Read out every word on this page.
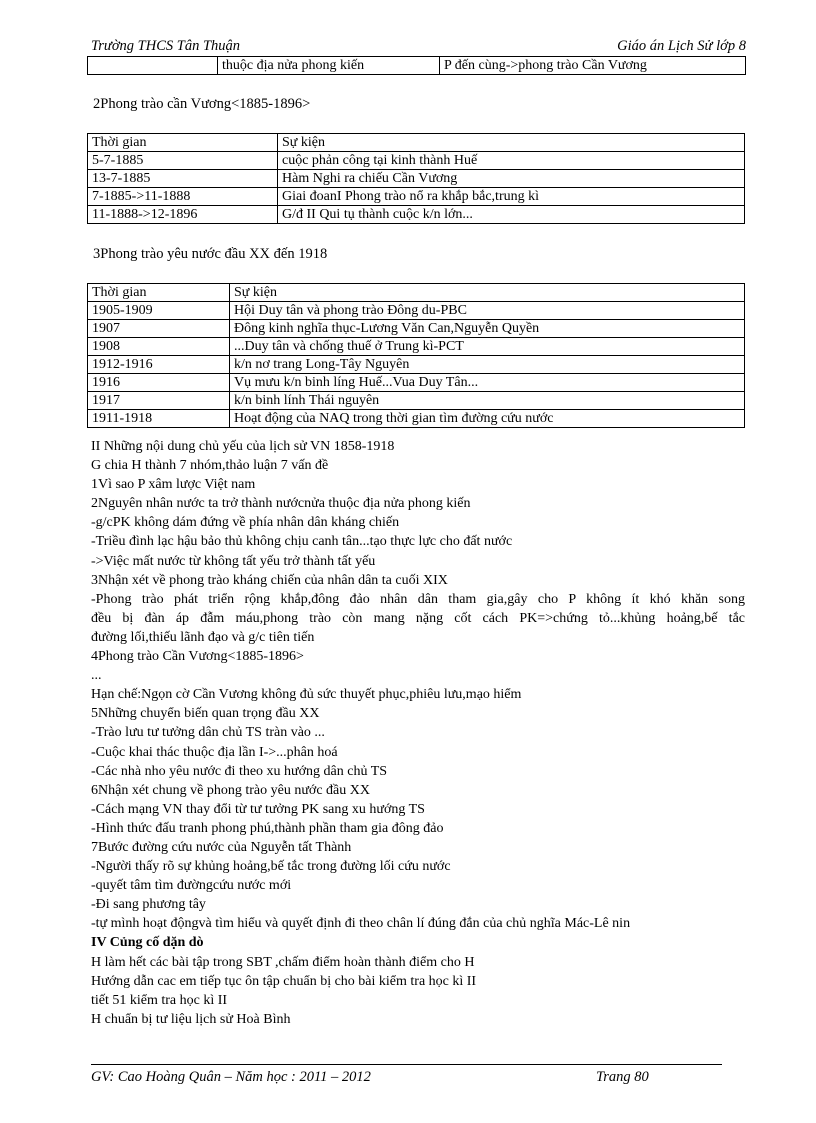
Trường THCS Tân Thuận	Giáo án Lịch Sử lớp 8
	thuộc địa nửa phong kiến	P đến cùng->phong trào Cần Vương
2Phong trào cần Vương<1885-1896>
Thời gian	Sự kiện
5-7-1885	cuộc phản công tại kinh thành Huế
13-7-1885	Hàm Nghi ra chiếu Cần Vương
7-1885->11-1888	Giai đoanI Phong trào nổ ra khắp bắc,trung kì
11-1888->12-1896	G/đ II Qui tụ thành cuộc k/n lớn...
3Phong trào yêu nước đầu XX đến 1918
Thời gian	Sự kiện
1905-1909	Hội Duy tân và phong trào Đông du-PBC
1907	Đông kinh nghĩa thục-Lương Văn Can,Nguyễn Quyền
1908	...Duy tân và chống thuế ở Trung kì-PCT
1912-1916	k/n nơ trang Long-Tây Nguyên
1916	Vụ mưu k/n binh líng Huế...Vua Duy Tân...
1917	k/n binh lính Thái nguyên
1911-1918	Hoạt động của NAQ trong thời gian tìm đường cứu nước
II Những nội dung chủ yếu của lịch sử VN 1858-1918
G chia H thành 7 nhóm,thảo luận 7 vấn đề
1Vì sao P xâm lược Việt nam
2Nguyên nhân nước ta trở thành nướcnửa thuộc địa nửa phong kiến
-g/cPK không dám đứng về phía nhân dân kháng chiến
-Triều đình lạc hậu bảo thủ không chịu canh tân...tạo thực lực cho đất nước
->Việc mất nước từ không tất yếu trở thành tất yếu
3Nhận xét về phong trào kháng chiến của nhân dân ta cuối XIX
-Phong trào phát triển rộng khắp,đông đảo nhân dân tham gia,gây cho P không ít khó khăn song
đều bị đàn áp đẫm máu,phong trào còn mang nặng cốt cách PK=>chứng tỏ...khủng hoảng,bế tắc
đường lối,thiếu lãnh đạo và g/c tiên tiến
4Phong trào Cần Vương<1885-1896>
...
Hạn chế:Ngọn cờ Cần Vương không đủ sức thuyết phục,phiêu lưu,mạo hiểm
5Những chuyển biến quan trọng đầu XX
-Trào lưu tư tưởng dân chủ TS tràn vào ...
-Cuộc khai thác thuộc địa lần I->...phân hoá
-Các nhà nho yêu nước đi theo xu hướng dân chủ TS
6Nhận xét chung về phong trào yêu nước đầu XX
-Cách mạng VN thay đổi từ tư tưởng PK sang xu hướng TS
-Hình thức đấu tranh phong phú,thành phần tham gia đông đảo
7Bước đường cứu nước của Nguyễn tất Thành
-Người thấy rõ sự khủng hoảng,bế tắc trong đường lối cứu nước
-quyết tâm tìm đườngcứu nước mới
-Đi sang phương tây
-tự mình hoạt độngvà tìm hiểu và quyết định đi theo chân lí đúng đắn của chủ nghĩa Mác-Lê nin
IV Củng cố dặn dò
H làm hết các bài tập trong SBT ,chấm điểm hoàn thành điểm cho H
Hướng dẫn cac em tiếp tục ôn tập chuẩn bị cho bài kiểm tra học kì II
tiết 51 kiểm tra học kì II
H chuẩn bị tư liệu lịch sử Hoà Bình
GV: Cao Hoàng Quân – Năm học : 2011 – 2012	Trang 80
